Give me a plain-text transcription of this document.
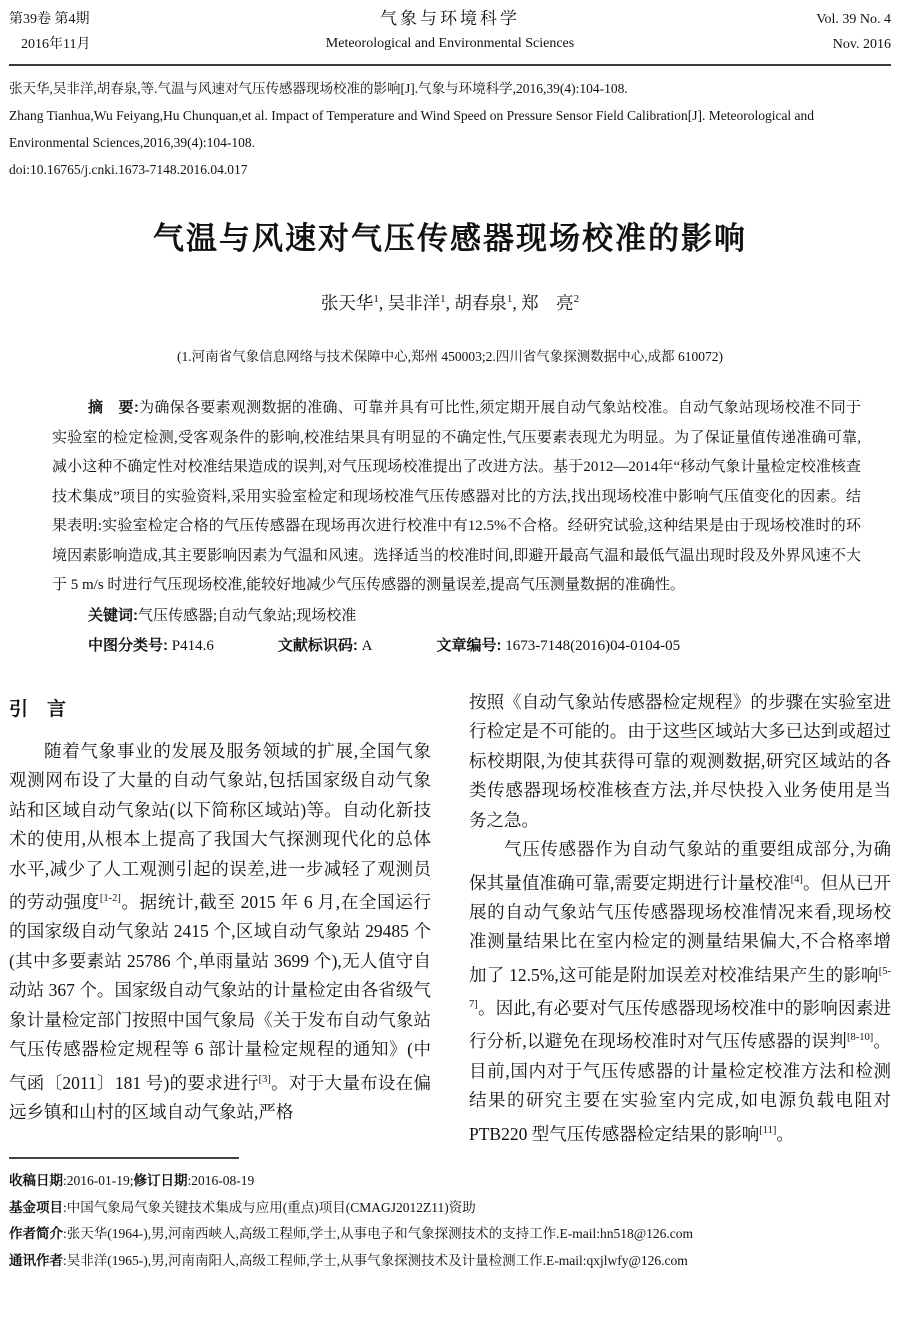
第39卷 第4期
2016年11月
气象与环境科学
Meteorological and Environmental Sciences
Vol. 39 No. 4
Nov. 2016

张天华,吴非洋,胡春泉,等.气温与风速对气压传感器现场校准的影响[J].气象与环境科学,2016,39(4):104-108.

Zhang Tianhua,Wu Feiyang,Hu Chunquan,et al. Impact of Temperature and Wind Speed on Pressure Sensor Field Calibration[J]. Meteorological and Environmental Sciences,2016,39(4):104-108.

doi:10.16765/j.cnki.1673-7148.2016.04.017

气温与风速对气压传感器现场校准的影响
张天华$^1$, 吴非洋$^1$, 胡春泉$^1$, 郑　亮$^2$
(1.河南省气象信息网络与技术保障中心,郑州 450003;2.四川省气象探测数据中心,成都 610072)

摘　要:为确保各要素观测数据的准确、可靠并具有可比性,须定期开展自动气象站校准。自动气象站现场校准不同于实验室的检定检测,受客观条件的影响,校准结果具有明显的不确定性,气压要素表现尤为明显。为了保证量值传递准确可靠,减小这种不确定性对校准结果造成的误判,对气压现场校准提出了改进方法。基于2012—2014年“移动气象计量检定校准核查技术集成”项目的实验资料,采用实验室检定和现场校准气压传感器对比的方法,找出现场校准中影响气压值变化的因素。结果表明:实验室检定合格的气压传感器在现场再次进行校准中有12.5%不合格。经研究试验,这种结果是由于现场校准时的环境因素影响造成,其主要影响因素为气温和风速。选择适当的校准时间,即避开最高气温和最低气温出现时段及外界风速不大于 5 m/s 时进行气压现场校准,能较好地减少气压传感器的测量误差,提高气压测量数据的准确性。

关键词:气压传感器;自动气象站;现场校准

中图分类号: P414.6	文献标识码: A	文章编号: 1673-7148(2016)04-0104-05

引　言

随着气象事业的发展及服务领域的扩展,全国气象观测网布设了大量的自动气象站,包括国家级自动气象站和区域自动气象站(以下简称区域站)等。自动化新技术的使用,从根本上提高了我国大气探测现代化的总体水平,减少了人工观测引起的误差,进一步减轻了观测员的劳动强度[1-2]。据统计,截至 2015 年 6 月,在全国运行的国家级自动气象站 2415 个,区域自动气象站 29485 个(其中多要素站 25786 个,单雨量站 3699 个),无人值守自动站 367 个。国家级自动气象站的计量检定由各省级气象计量检定部门按照中国气象局《关于发布自动气象站气压传感器检定规程等 6 部计量检定规程的通知》(中气函〔2011〕181 号)的要求进行[3]。对于大量布设在偏远乡镇和山村的区域自动气象站,严格

按照《自动气象站传感器检定规程》的步骤在实验室进行检定是不可能的。由于这些区域站大多已达到或超过标校期限,为使其获得可靠的观测数据,研究区域站的各类传感器现场校准核查方法,并尽快投入业务使用是当务之急。

气压传感器作为自动气象站的重要组成部分,为确保其量值准确可靠,需要定期进行计量校准[4]。但从已开展的自动气象站气压传感器现场校准情况来看,现场校准测量结果比在室内检定的测量结果偏大,不合格率增加了 12.5%,这可能是附加误差对校准结果产生的影响[5-7]。因此,有必要对气压传感器现场校准中的影响因素进行分析,以避免在现场校准时对气压传感器的误判[8-10]。目前,国内对于气压传感器的计量检定校准方法和检测结果的研究主要在实验室内完成,如电源负载电阻对 PTB220 型气压传感器检定结果的影响[11]。

收稿日期:2016-01-19;修订日期:2016-08-19

基金项目:中国气象局气象关键技术集成与应用(重点)项目(CMAGJ2012Z11)资助

作者简介:张天华(1964-),男,河南西峡人,高级工程师,学士,从事电子和气象探测技术的支持工作.E-mail:hn518@126.com

通讯作者:吴非洋(1965-),男,河南南阳人,高级工程师,学士,从事气象探测技术及计量检测工作.E-mail:qxjlwfy@126.com
